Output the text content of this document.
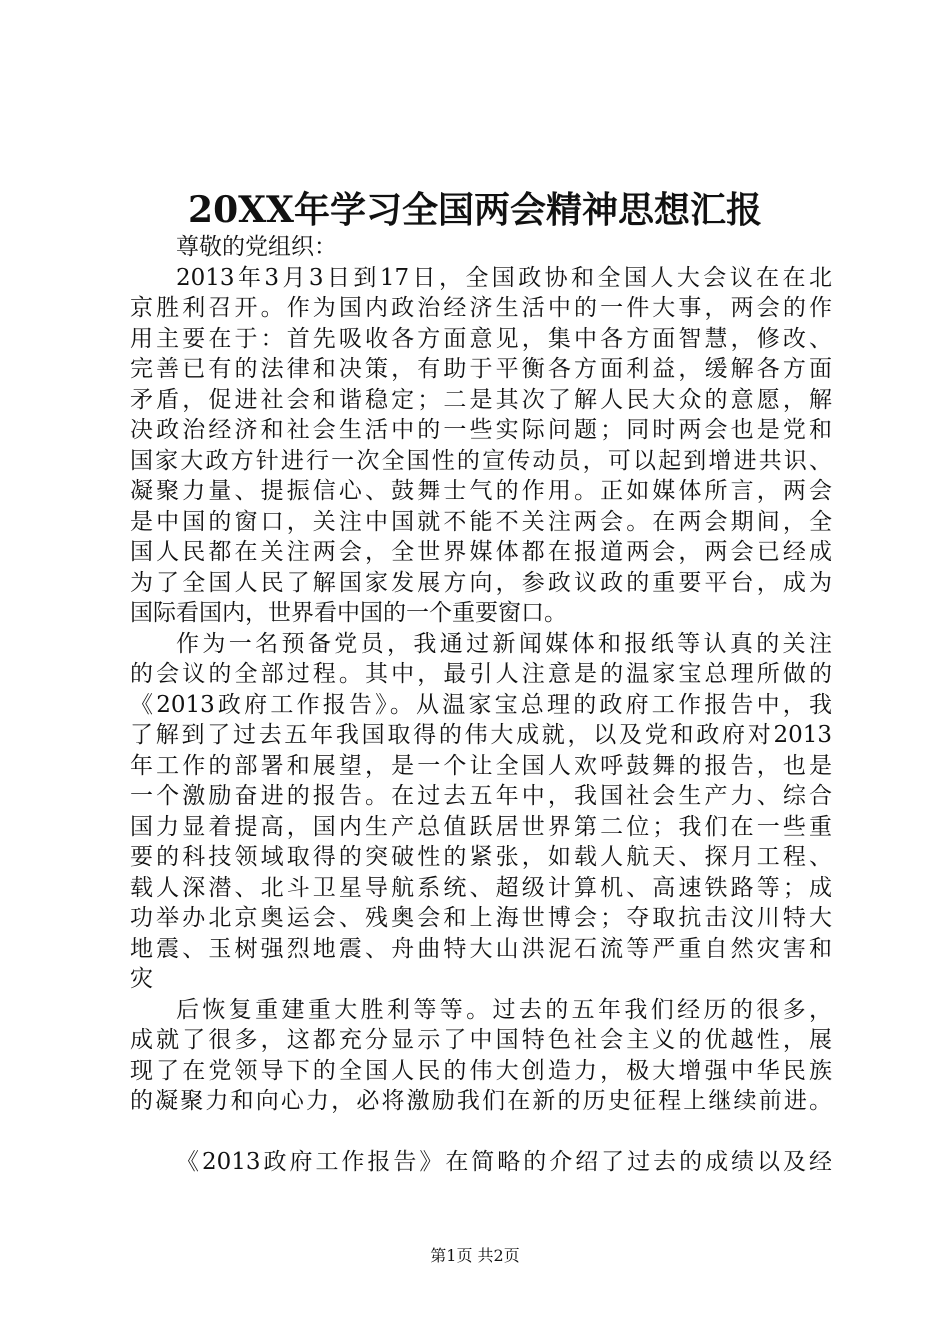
20XX年学习全国两会精神思想汇报
尊敬的党组织：
2013年3月3日到17日，全国政协和全国人大会议在在北
京胜利召开。作为国内政治经济生活中的一件大事，两会的作
用主要在于：首先吸收各方面意见，集中各方面智慧，修改、
完善已有的法律和决策，有助于平衡各方面利益，缓解各方面
矛盾，促进社会和谐稳定；二是其次了解人民大众的意愿，解
决政治经济和社会生活中的一些实际问题；同时两会也是党和
国家大政方针进行一次全国性的宣传动员，可以起到增进共识、
凝聚力量、提振信心、鼓舞士气的作用。正如媒体所言，两会
是中国的窗口，关注中国就不能不关注两会。在两会期间，全
国人民都在关注两会，全世界媒体都在报道两会，两会已经成
为了全国人民了解国家发展方向，参政议政的重要平台，成为
国际看国内，世界看中国的一个重要窗口。
作为一名预备党员，我通过新闻媒体和报纸等认真的关注
的会议的全部过程。其中，最引人注意是的温家宝总理所做的
《2013政府工作报告》。从温家宝总理的政府工作报告中，我
了解到了过去五年我国取得的伟大成就，以及党和政府对2013
年工作的部署和展望，是一个让全国人欢呼鼓舞的报告，也是
一个激励奋进的报告。在过去五年中，我国社会生产力、综合
国力显着提高，国内生产总值跃居世界第二位；我们在一些重
要的科技领域取得的突破性的紧张，如载人航天、探月工程、
载人深潜、北斗卫星导航系统、超级计算机、高速铁路等；成
功举办北京奥运会、残奥会和上海世博会；夺取抗击汶川特大
地震、玉树强烈地震、舟曲特大山洪泥石流等严重自然灾害和
灾
后恢复重建重大胜利等等。过去的五年我们经历的很多，
成就了很多，这都充分显示了中国特色社会主义的优越性，展
现了在党领导下的全国人民的伟大创造力，极大增强中华民族
的凝聚力和向心力，必将激励我们在新的历史征程上继续前进。
《2013政府工作报告》在简略的介绍了过去的成绩以及经
第1页 共2页
